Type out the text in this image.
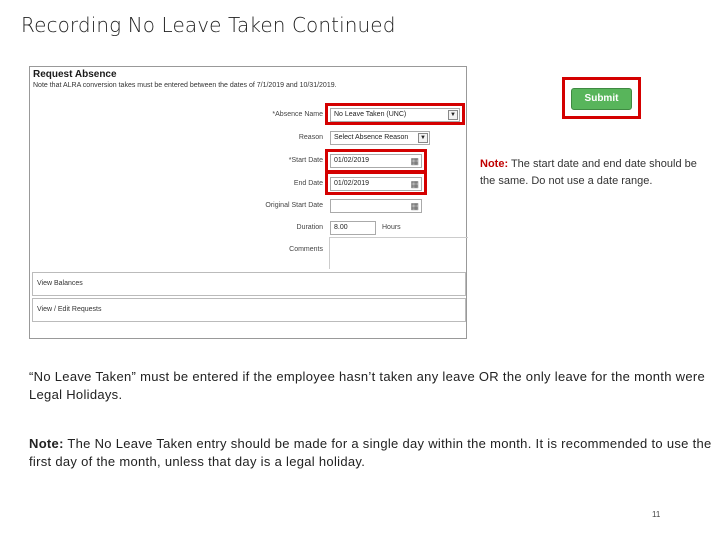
Recording No Leave Taken Continued
Request Absence
Note that ALRA conversion takes must be entered between the dates of 7/1/2019 and 10/31/2019.
*Absence Name	No Leave Taken (UNC)	▼
Reason	Select Absence Reason	▼
*Start Date	01/02/2019	▦
End Date	01/02/2019	▦
Original Start Date	▦
Duration	8.00	Hours
Comments
View Balances
View / Edit Requests
Submit
Note: The start date and end date should be the same. Do not use a date range.
“No Leave Taken” must be entered if the employee hasn’t taken any leave OR the only leave for the month were Legal Holidays.
Note: The No Leave Taken entry should be made for a single day within the month. It is recommended to use the first day of the month, unless that day is a legal holiday.
11
